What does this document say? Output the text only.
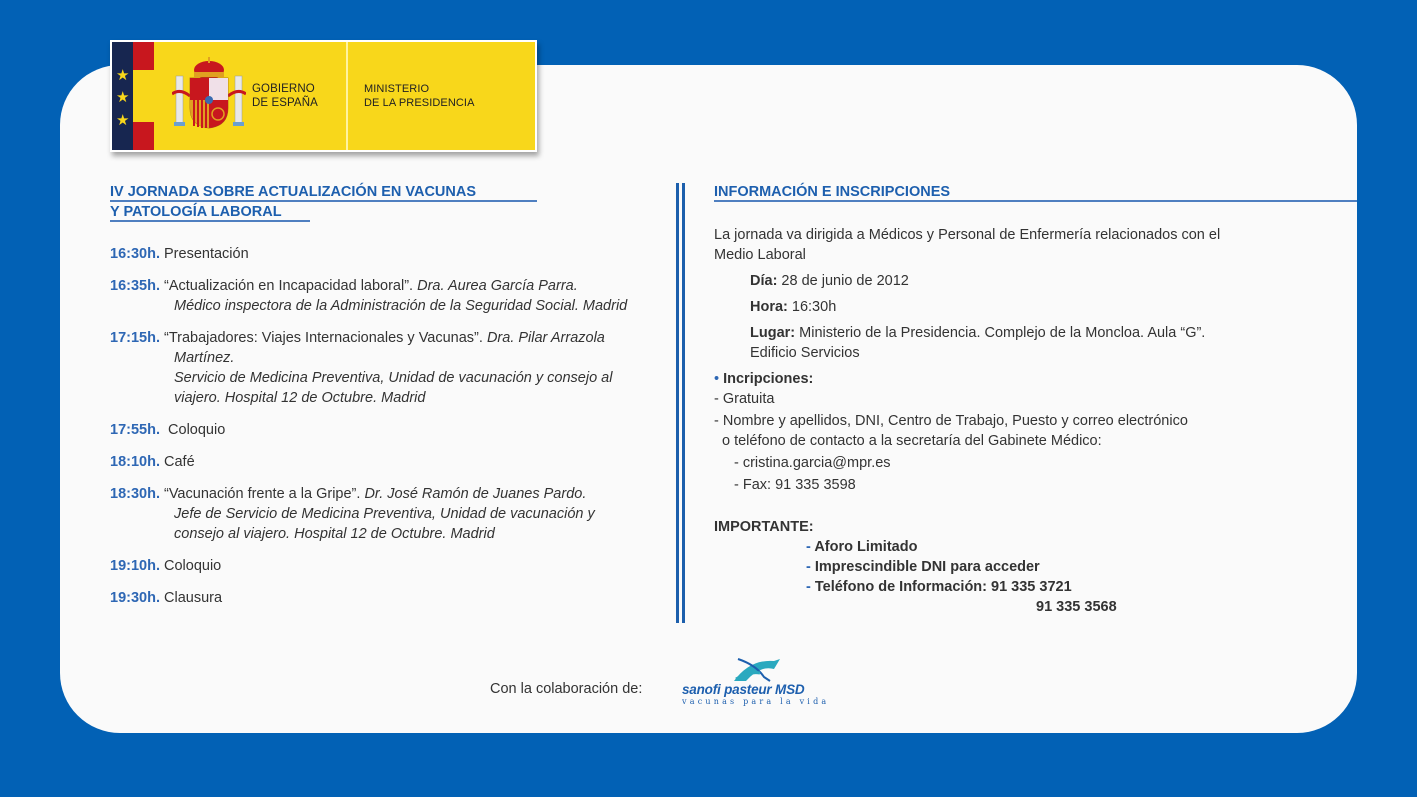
★
★
★
GOBIERNO
DE ESPAÑA
MINISTERIO
DE LA PRESIDENCIA
IV JORNADA SOBRE ACTUALIZACIÓN EN VACUNAS
Y PATOLOGÍA LABORAL
16:30h. Presentación
16:35h. “Actualización en Incapacidad laboral”. Dra. Aurea García Parra.
Médico inspectora de la Administración de la Seguridad Social. Madrid
17:15h. “Trabajadores: Viajes Internacionales y Vacunas”. Dra. Pilar Arrazola
Martínez.
Servicio de Medicina Preventiva, Unidad de vacunación y consejo al
viajero. Hospital 12 de Octubre. Madrid
17:55h.  Coloquio
18:10h. Café
18:30h. “Vacunación frente a la Gripe”. Dr. José Ramón de Juanes Pardo.
Jefe de Servicio de Medicina Preventiva, Unidad de vacunación y
consejo al viajero. Hospital 12 de Octubre. Madrid
19:10h. Coloquio
19:30h. Clausura
INFORMACIÓN E INSCRIPCIONES

La jornada va dirigida a Médicos y Personal de Enfermería relacionados con el

Medio Laboral

Día: 28 de junio de 2012

Hora: 16:30h

Lugar: Ministerio de la Presidencia. Complejo de la Moncloa. Aula “G”.

Edificio Servicios

• Incripciones:

- Gratuita

- Nombre y apellidos, DNI, Centro de Trabajo, Puesto y correo electrónico

o teléfono de contacto a la secretaría del Gabinete Médico:

- cristina.garcia@mpr.es

- Fax: 91 335 3598

IMPORTANTE:

- Aforo Limitado

- Imprescindible DNI para acceder

- Teléfono de Información: 91 335 3721

91 335 3568

Con la colaboración de:	sanofi pasteur MSD
vacunas para la vida
